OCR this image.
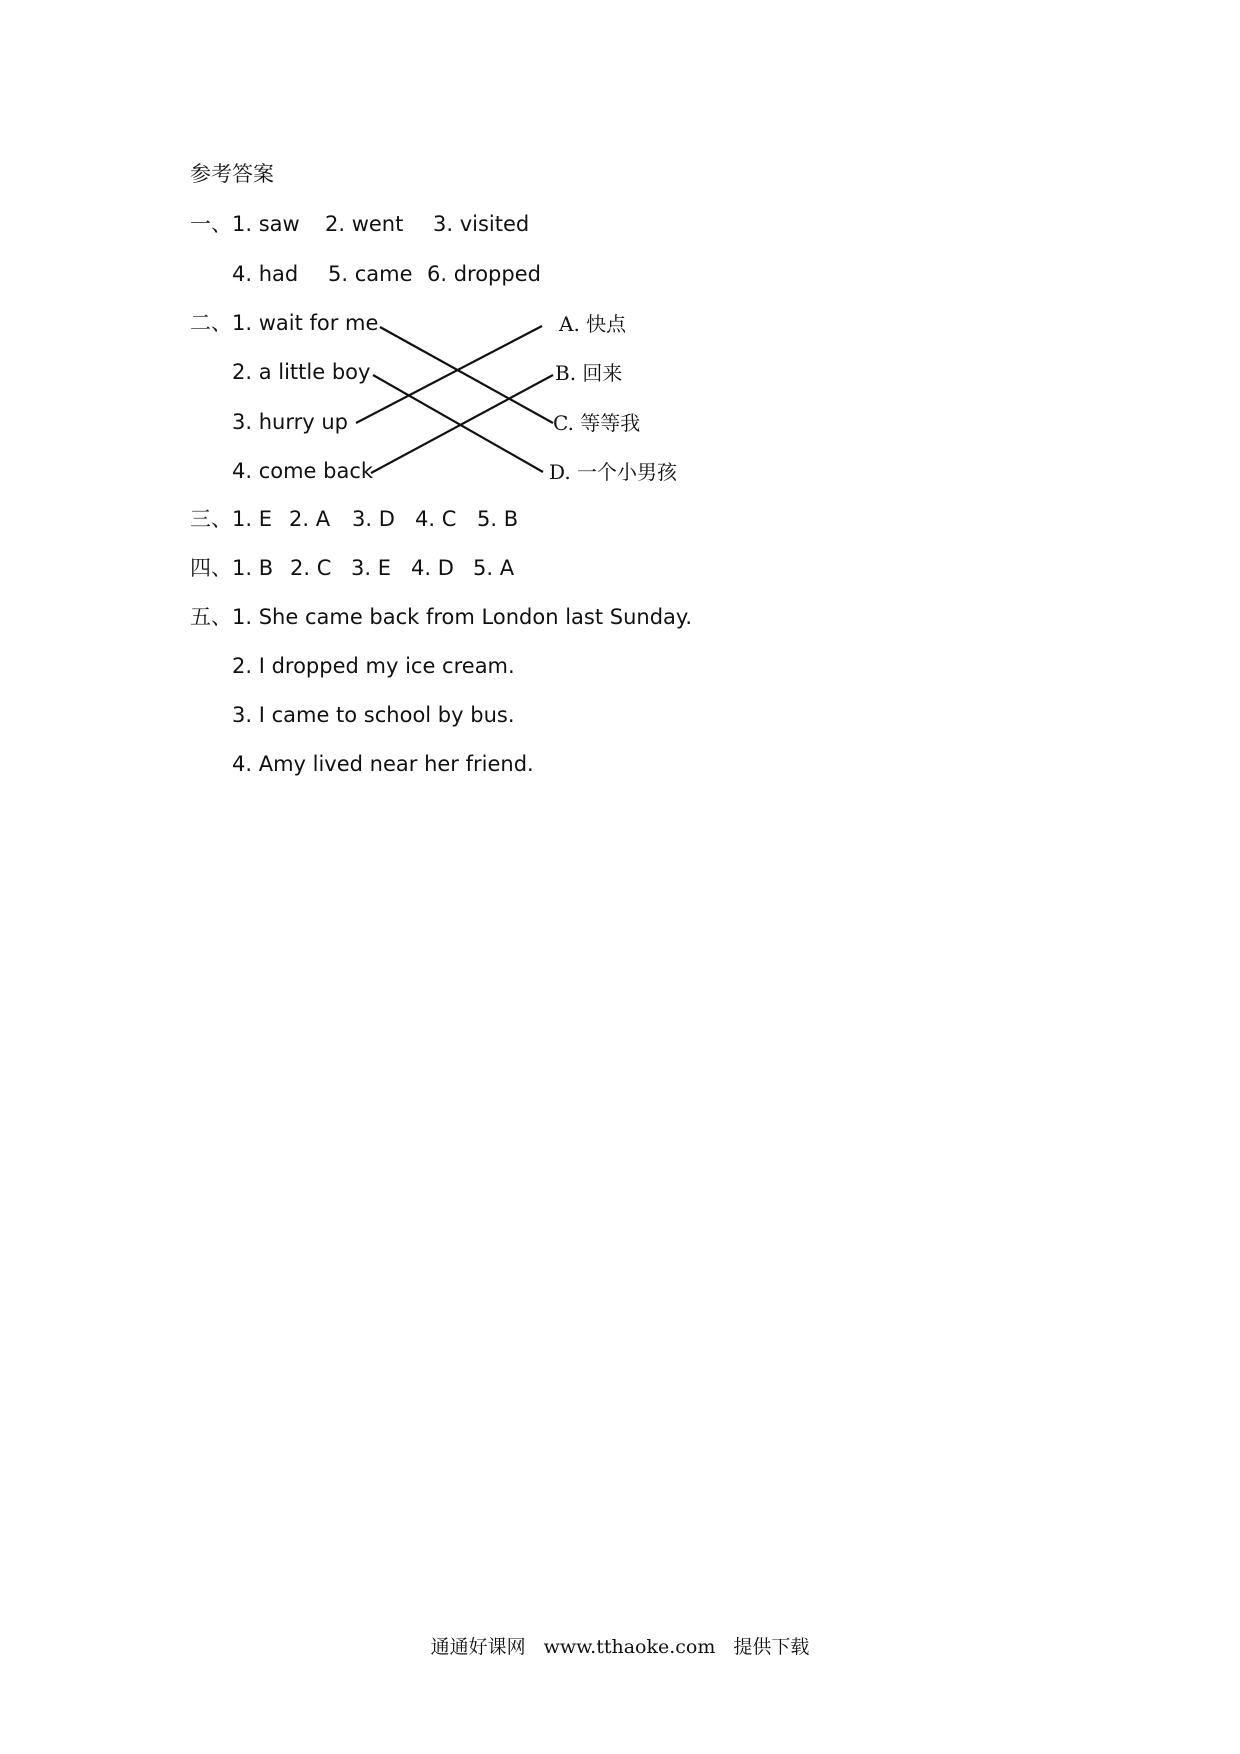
参考答案
一、 1. saw 2. went 3. visited
4. had 5. came 6. dropped
二、 1. wait for me
2. a little boy
3. hurry up
4. come back
A. 快点
B. 回来
C. 等等我
D. 一个小男孩
三、 1. E 2. A 3. D 4. C 5. B
四、 1. B 2. C 3. E 4. D 5. A
五、 1. She came back from London last Sunday.
2. I dropped my ice cream.
3. I came to school by bus.
4. Amy lived near her friend.
通通好课网 www.tthaoke.com 提供下载
